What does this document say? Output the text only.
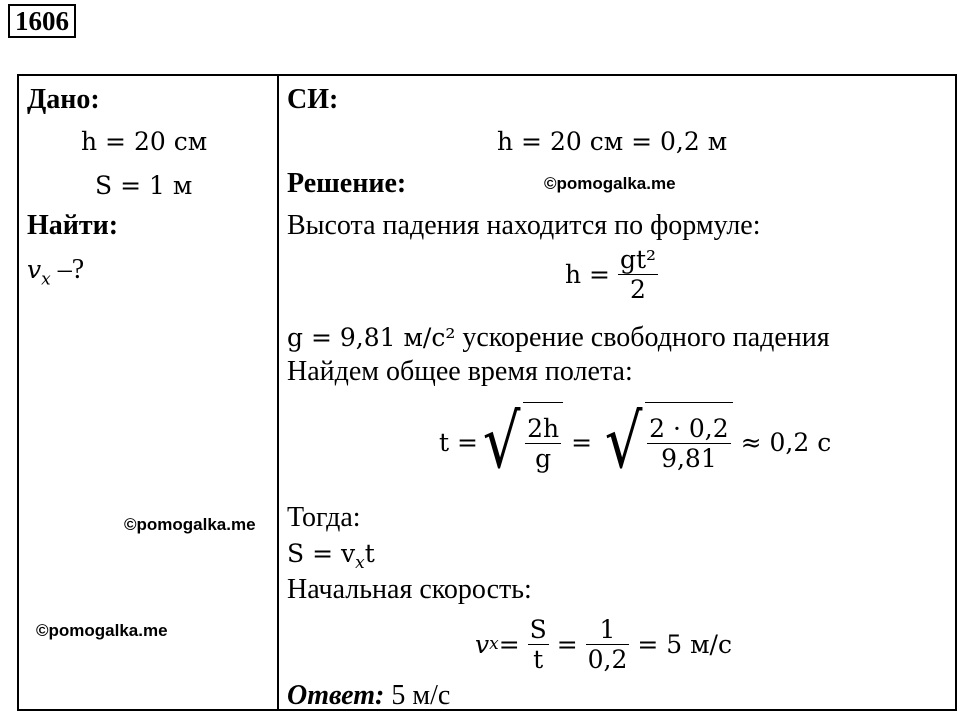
1606
Дано:
h = 20 см
S = 1 м
Найти:
$v_x$ –?
СИ:
h = 20 см = 0,2 м
Решение:
Высота падения находится по формуле:
h =
$\frac{\text{gt²}}{2}$
g = 9,81 м/с² ускорение свободного падения
Найдем общее время полета:
t = √ $\frac{2h}{g}$
=
√ $\frac{2 \cdot 0,2}{9,81}$
≈ 0,2 с
Тогда:
$S = v_xt$
Начальная скорость:
v x =
$\frac{S}{t}$
=
$\frac{1}{0,2}$
= 5 м/с
Ответ: 5 м/с
©pomogalka.me
©pomogalka.me
©pomogalka.me
